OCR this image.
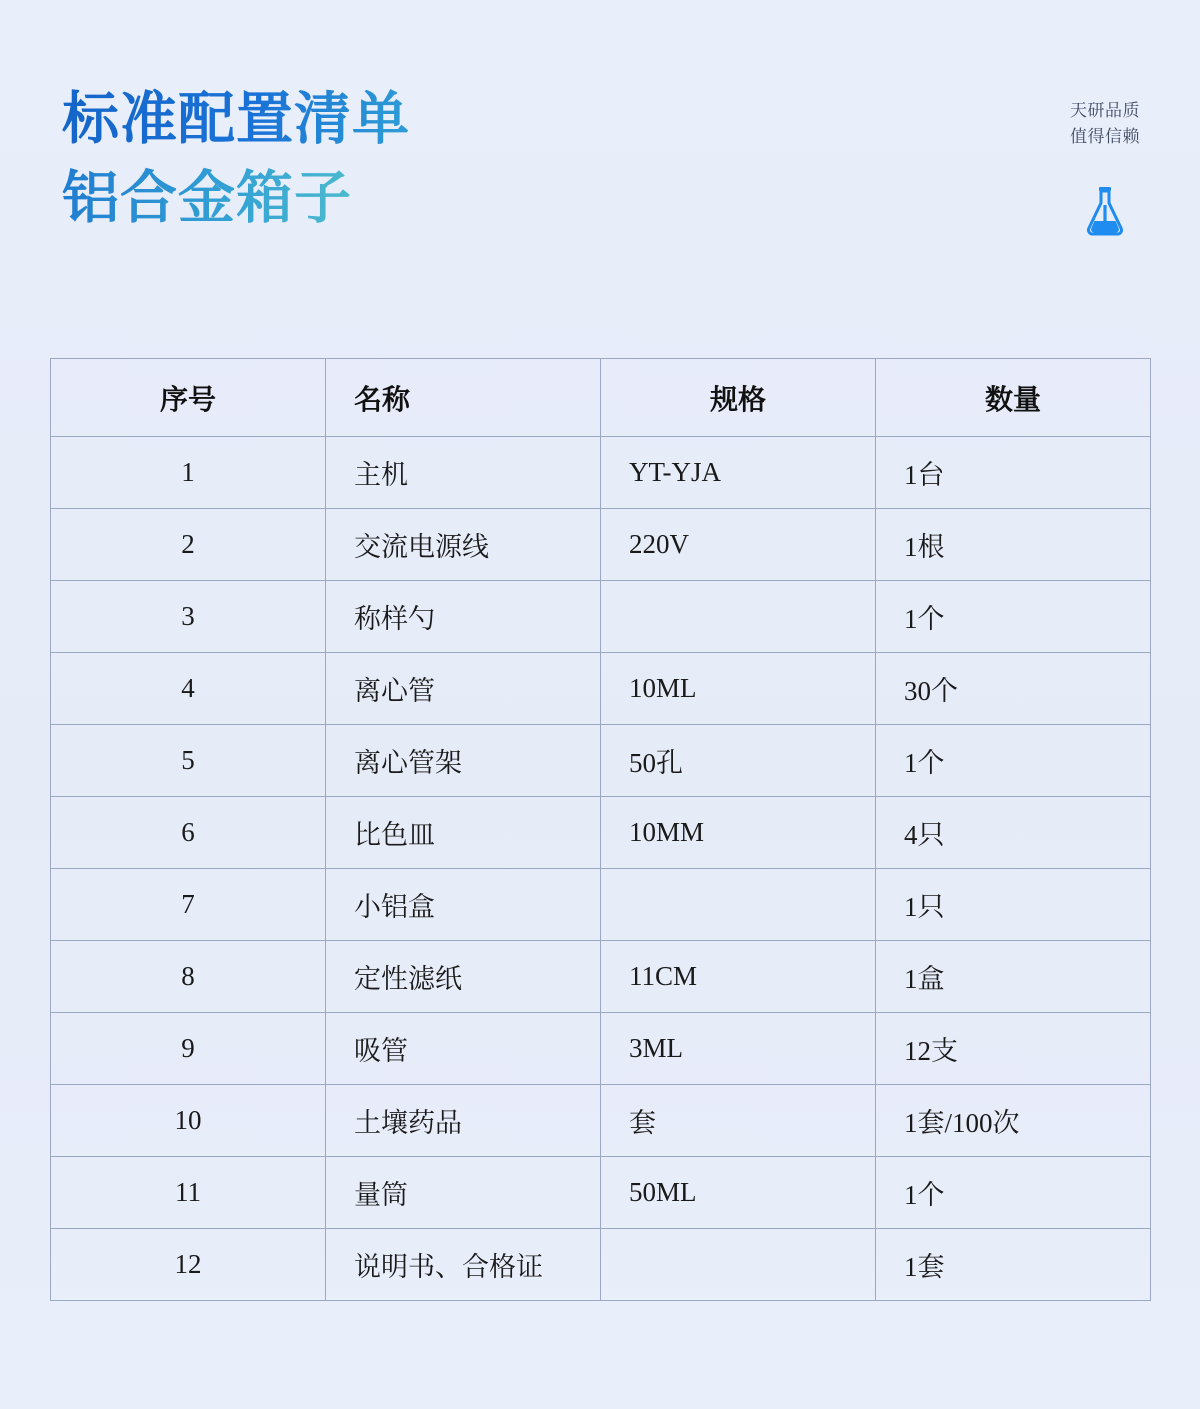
标准配置清单
铝合金箱子
天研品质
值得信赖
序号	名称	规格	数量
1	主机	YT-YJA	1台
2	交流电源线	220V	1根
3	称样勺		1个
4	离心管	10ML	30个
5	离心管架	50孔	1个
6	比色皿	10MM	4只
7	小铝盒		1只
8	定性滤纸	11CM	1盒
9	吸管	3ML	12支
10	土壤药品	套	1套/100次
11	量筒	50ML	1个
12	说明书、合格证		1套
